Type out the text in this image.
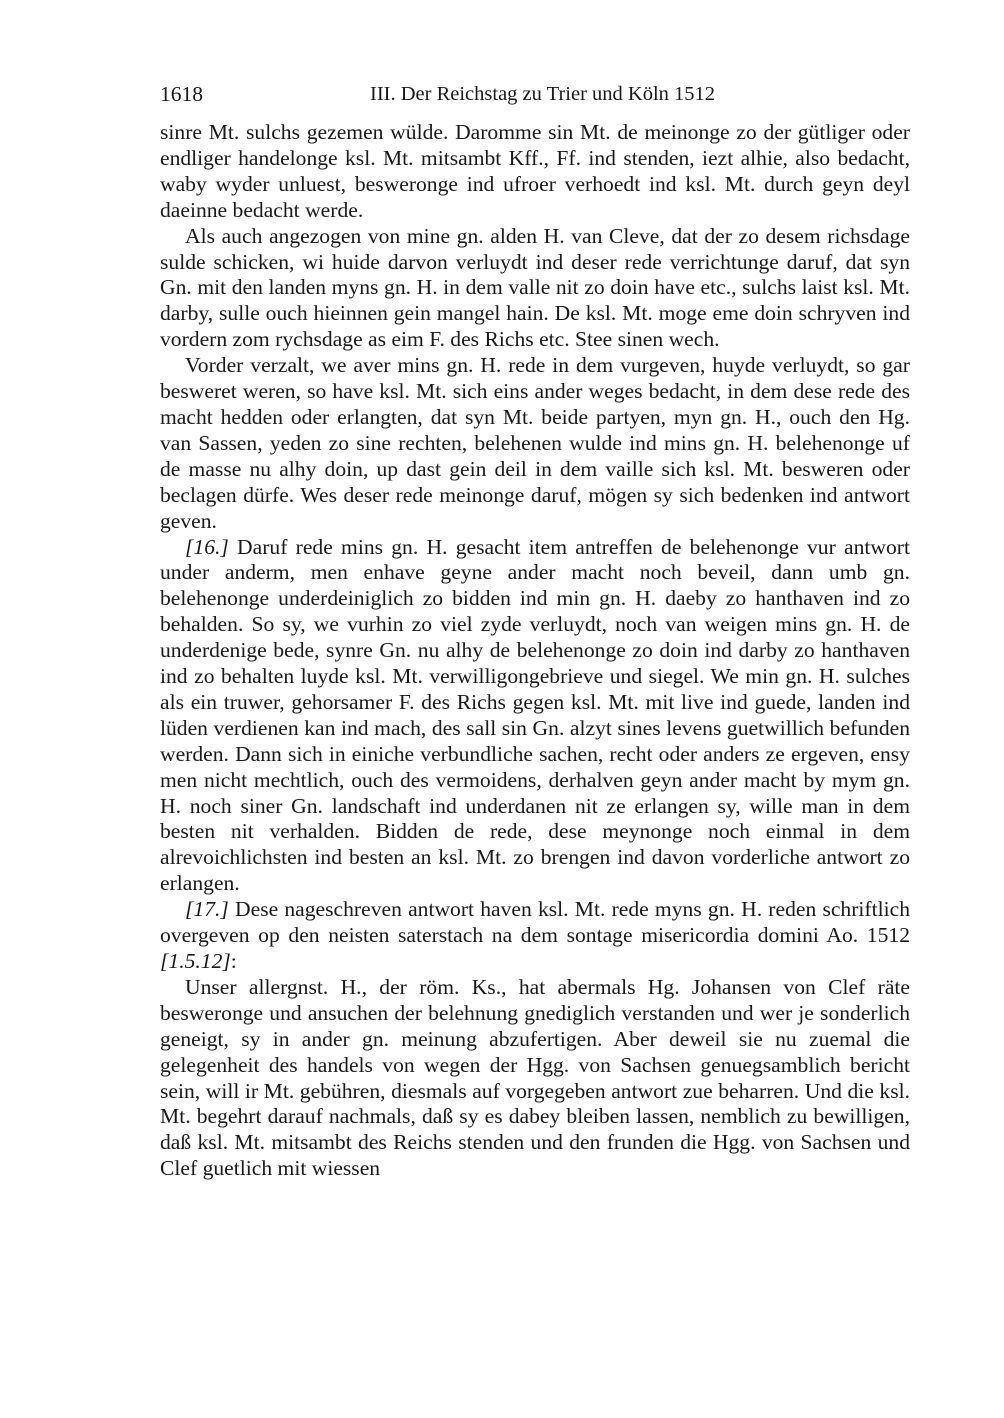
1618	III. Der Reichstag zu Trier und Köln 1512

sinre Mt. sulchs gezemen wülde. Daromme sin Mt. de meinonge zo der gütliger oder endliger handelonge ksl. Mt. mitsambt Kff., Ff. ind stenden, iezt alhie, also bedacht, waby wyder unluest, besweronge ind ufroer verhoedt ind ksl. Mt. durch geyn deyl daeinne bedacht werde.

Als auch angezogen von mine gn. alden H. van Cleve, dat der zo desem richsdage sulde schicken, wi huide darvon verluydt ind deser rede verrichtunge daruf, dat syn Gn. mit den landen myns gn. H. in dem valle nit zo doin have etc., sulchs laist ksl. Mt. darby, sulle ouch hieinnen gein mangel hain. De ksl. Mt. moge eme doin schryven ind vordern zom rychsdage as eim F. des Richs etc. Stee sinen wech.

Vorder verzalt, we aver mins gn. H. rede in dem vurgeven, huyde verluydt, so gar besweret weren, so have ksl. Mt. sich eins ander weges bedacht, in dem dese rede des macht hedden oder erlangten, dat syn Mt. beide partyen, myn gn. H., ouch den Hg. van Sassen, yeden zo sine rechten, belehenen wulde ind mins gn. H. belehenonge uf de masse nu alhy doin, up dast gein deil in dem vaille sich ksl. Mt. besweren oder beclagen dürfe. Wes deser rede meinonge daruf, mögen sy sich bedenken ind antwort geven.

[16.] Daruf rede mins gn. H. gesacht item antreffen de belehenonge vur antwort under anderm, men enhave geyne ander macht noch beveil, dann umb gn. belehenonge underdeiniglich zo bidden ind min gn. H. daeby zo hanthaven ind zo behalden. So sy, we vurhin zo viel zyde verluydt, noch van weigen mins gn. H. de underdenige bede, synre Gn. nu alhy de belehenonge zo doin ind darby zo hanthaven ind zo behalten luyde ksl. Mt. verwilligongebrieve und siegel. We min gn. H. sulches als ein truwer, gehorsamer F. des Richs gegen ksl. Mt. mit live ind guede, landen ind lüden verdienen kan ind mach, des sall sin Gn. alzyt sines levens guetwillich befunden werden. Dann sich in einiche verbundliche sachen, recht oder anders ze ergeven, ensy men nicht mechtlich, ouch des vermoidens, derhalven geyn ander macht by mym gn. H. noch siner Gn. landschaft ind underdanen nit ze erlangen sy, wille man in dem besten nit verhalden. Bidden de rede, dese meynonge noch einmal in dem alrevoichlichsten ind besten an ksl. Mt. zo brengen ind davon vorderliche antwort zo erlangen.

[17.] Dese nageschreven antwort haven ksl. Mt. rede myns gn. H. reden schriftlich overgeven op den neisten saterstach na dem sontage misericordia domini Ao. 1512 [1.5.12]:

Unser allergnst. H., der röm. Ks., hat abermals Hg. Johansen von Clef räte besweronge und ansuchen der belehnung gnediglich verstanden und wer je sonderlich geneigt, sy in ander gn. meinung abzufertigen. Aber deweil sie nu zuemal die gelegenheit des handels von wegen der Hgg. von Sachsen genuegsamblich bericht sein, will ir Mt. gebühren, diesmals auf vorgegeben antwort zue beharren. Und die ksl. Mt. begehrt darauf nachmals, daß sy es dabey bleiben lassen, nemblich zu bewilligen, daß ksl. Mt. mitsambt des Reichs stenden und den frunden die Hgg. von Sachsen und Clef guetlich mit wiessen
